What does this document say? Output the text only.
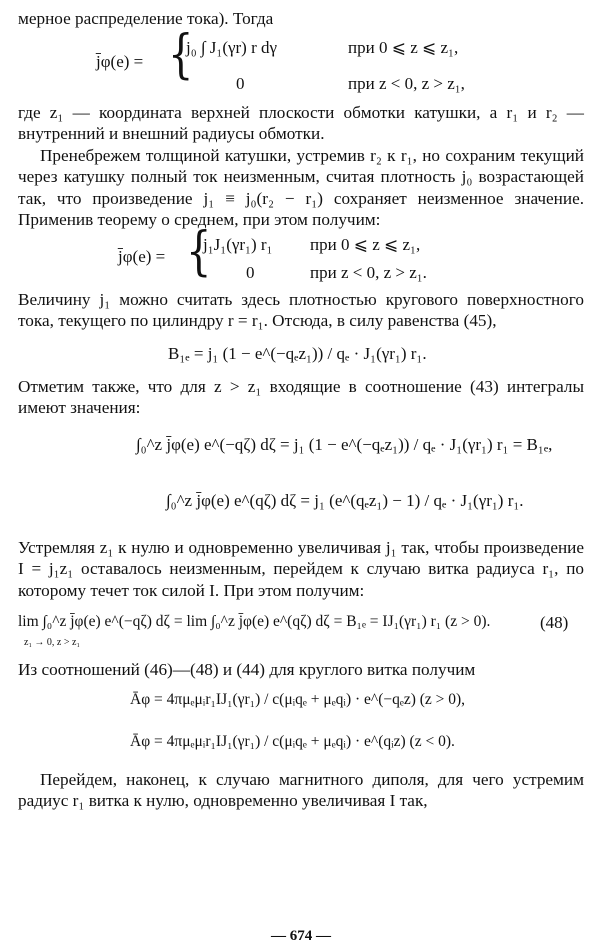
мерное распределение тока). Тогда

j̄φ(e) = {
j₀ ∫ J₁(γr) r dγ	при 0 ⩽ z ⩽ z₁,
0	при z < 0, z > z₁,

где z₁ — координата верхней плоскости обмотки катушки, а r₁ и r₂ — внутренний и внешний радиусы обмотки.

Пренебрежем толщиной катушки, устремив r₂ к r₁, но сохраним текущий через катушку полный ток неизменным, считая плотность j₀ возрастающей так, что произведение j₁ ≡ j₀(r₂ − r₁) сохраняет неизменное значение. Применив теорему о среднем, при этом получим:

j̄φ(e) = {
j₁J₁(γr₁) r₁ при 0 ⩽ z ⩽ z₁,
0	при z < 0, z > z₁.

Величину j₁ можно считать здесь плотностью кругового поверхностного тока, текущего по цилиндру r = r₁. Отсюда, в силу равенства (45),

B₁ₑ = j₁ (1 − e^(−qₑz₁)) / qₑ · J₁(γr₁) r₁.

Отметим также, что для z > z₁ входящие в соотношение (43) интегралы имеют значения:

∫₀^z j̄φ(e) e^(−qζ) dζ = j₁ (1 − e^(−qₑz₁)) / qₑ · J₁(γr₁) r₁ = B₁ₑ,
∫₀^z j̄φ(e) e^(qζ) dζ = j₁ (e^(qₑz₁) − 1) / qₑ · J₁(γr₁) r₁.

Устремляя z₁ к нулю и одновременно увеличивая j₁ так, чтобы произведение I = j₁z₁ оставалось неизменным, перейдем к случаю витка радиуса r₁, по которому течет ток силой I. При этом получим:

lim ∫₀^z j̄φ(e) e^(−qζ) dζ = lim ∫₀^z j̄φ(e) e^(qζ) dζ = B₁ₑ = IJ₁(γr₁) r₁ (z > 0).
z₁ → 0, z > z₁
(48)

Из соотношений (46)—(48) и (44) для круглого витка получим

Āφ = 4πμₑμᵢr₁IJ₁(γr₁) / c(μᵢqₑ + μₑqᵢ) · e^(−qₑz) (z > 0),
Āφ = 4πμₑμᵢr₁IJ₁(γr₁) / c(μᵢqₑ + μₑqᵢ) · e^(qᵢz) (z < 0).

Перейдем, наконец, к случаю магнитного диполя, для чего устремим радиус r₁ витка к нулю, одновременно увеличивая I так,

— 674 —
